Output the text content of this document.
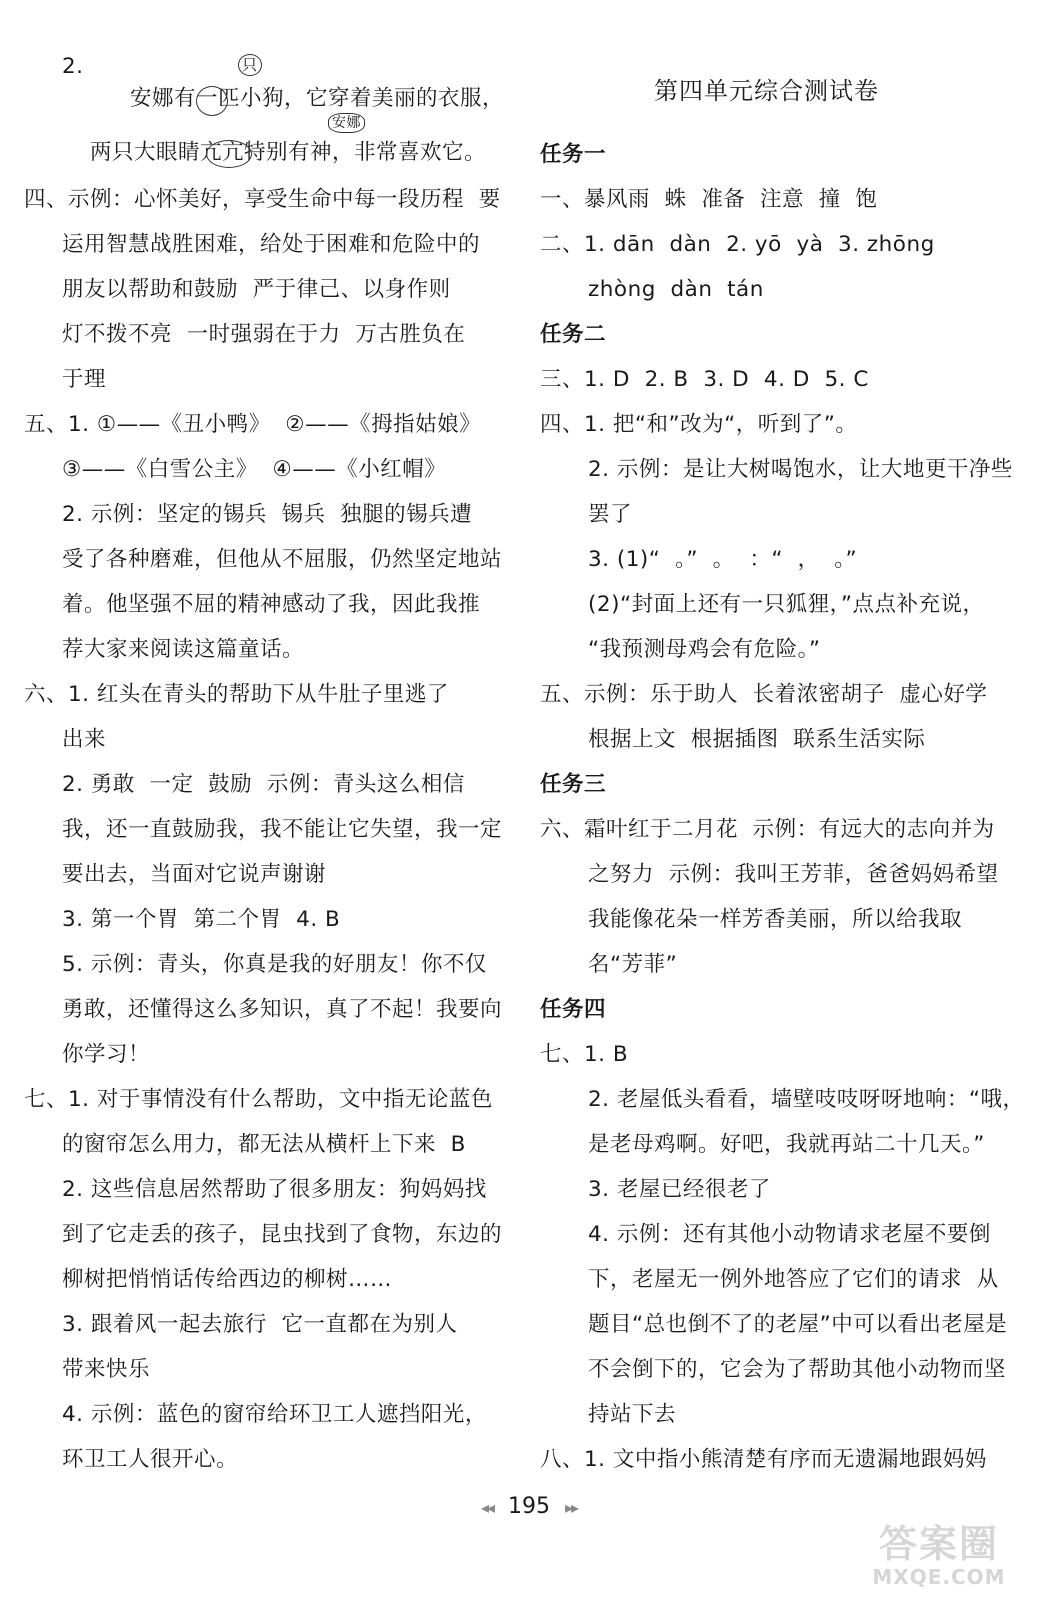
2.
安娜有一匹小狗，它穿着美丽的衣服，
两只大眼睛亢亢特别有神，非常喜欢它。
四、示例：心怀美好，享受生命中每一段历程  要
运用智慧战胜困难，给处于困难和危险中的
朋友以帮助和鼓励  严于律己、以身作则
灯不拨不亮  一时强弱在于力  万古胜负在
于理
五、1. ①——《丑小鸭》  ②——《拇指姑娘》
③——《白雪公主》  ④——《小红帽》
2. 示例：坚定的锡兵  锡兵  独腿的锡兵遭
受了各种磨难，但他从不屈服，仍然坚定地站
着。他坚强不屈的精神感动了我，因此我推
荐大家来阅读这篇童话。
六、1. 红头在青头的帮助下从牛肚子里逃了
出来
2. 勇敢  一定  鼓励  示例：青头这么相信
我，还一直鼓励我，我不能让它失望，我一定
要出去，当面对它说声谢谢
3. 第一个胃  第二个胃  4. B
5. 示例：青头，你真是我的好朋友！你不仅
勇敢，还懂得这么多知识，真了不起！我要向
你学习！
七、1. 对于事情没有什么帮助，文中指无论蓝色
的窗帘怎么用力，都无法从横杆上下来  B
2. 这些信息居然帮助了很多朋友：狗妈妈找
到了它走丢的孩子，昆虫找到了食物，东边的
柳树把悄悄话传给西边的柳树……
3. 跟着风一起去旅行  它一直都在为别人
带来快乐
4. 示例：蓝色的窗帘给环卫工人遮挡阳光，
环卫工人很开心。
只
安娜
第四单元综合测试卷
任务一
一、暴风雨  蛛  准备  注意  撞  饱
二、1. dān  dàn  2. yō  yà  3. zhōng
zhòng  dàn  tán
任务二
三、1. D  2. B  3. D  4. D  5. C
四、1. 把“和”改为“，听到了”。
2. 示例：是让大树喝饱水，让大地更干净些
罢了
3. (1)“  。”  。  ：“  ，  。”
(2)“封面上还有一只狐狸，”点点补充说，
“我预测母鸡会有危险。”
五、示例：乐于助人  长着浓密胡子  虚心好学
根据上文  根据插图  联系生活实际
任务三
六、霜叶红于二月花  示例：有远大的志向并为
之努力  示例：我叫王芳菲，爸爸妈妈希望
我能像花朵一样芳香美丽，所以给我取
名“芳菲”
任务四
七、1. B
2. 老屋低头看看，墙壁吱吱呀呀地响：“哦，
是老母鸡啊。好吧，我就再站二十几天。”
3. 老屋已经很老了
4. 示例：还有其他小动物请求老屋不要倒
下，老屋无一例外地答应了它们的请求  从
题目“总也倒不了的老屋”中可以看出老屋是
不会倒下的，它会为了帮助其他小动物而坚
持站下去
八、1. 文中指小熊清楚有序而无遗漏地跟妈妈
◂◂ 195 ▸▸
答案圈
MXQE.COM
